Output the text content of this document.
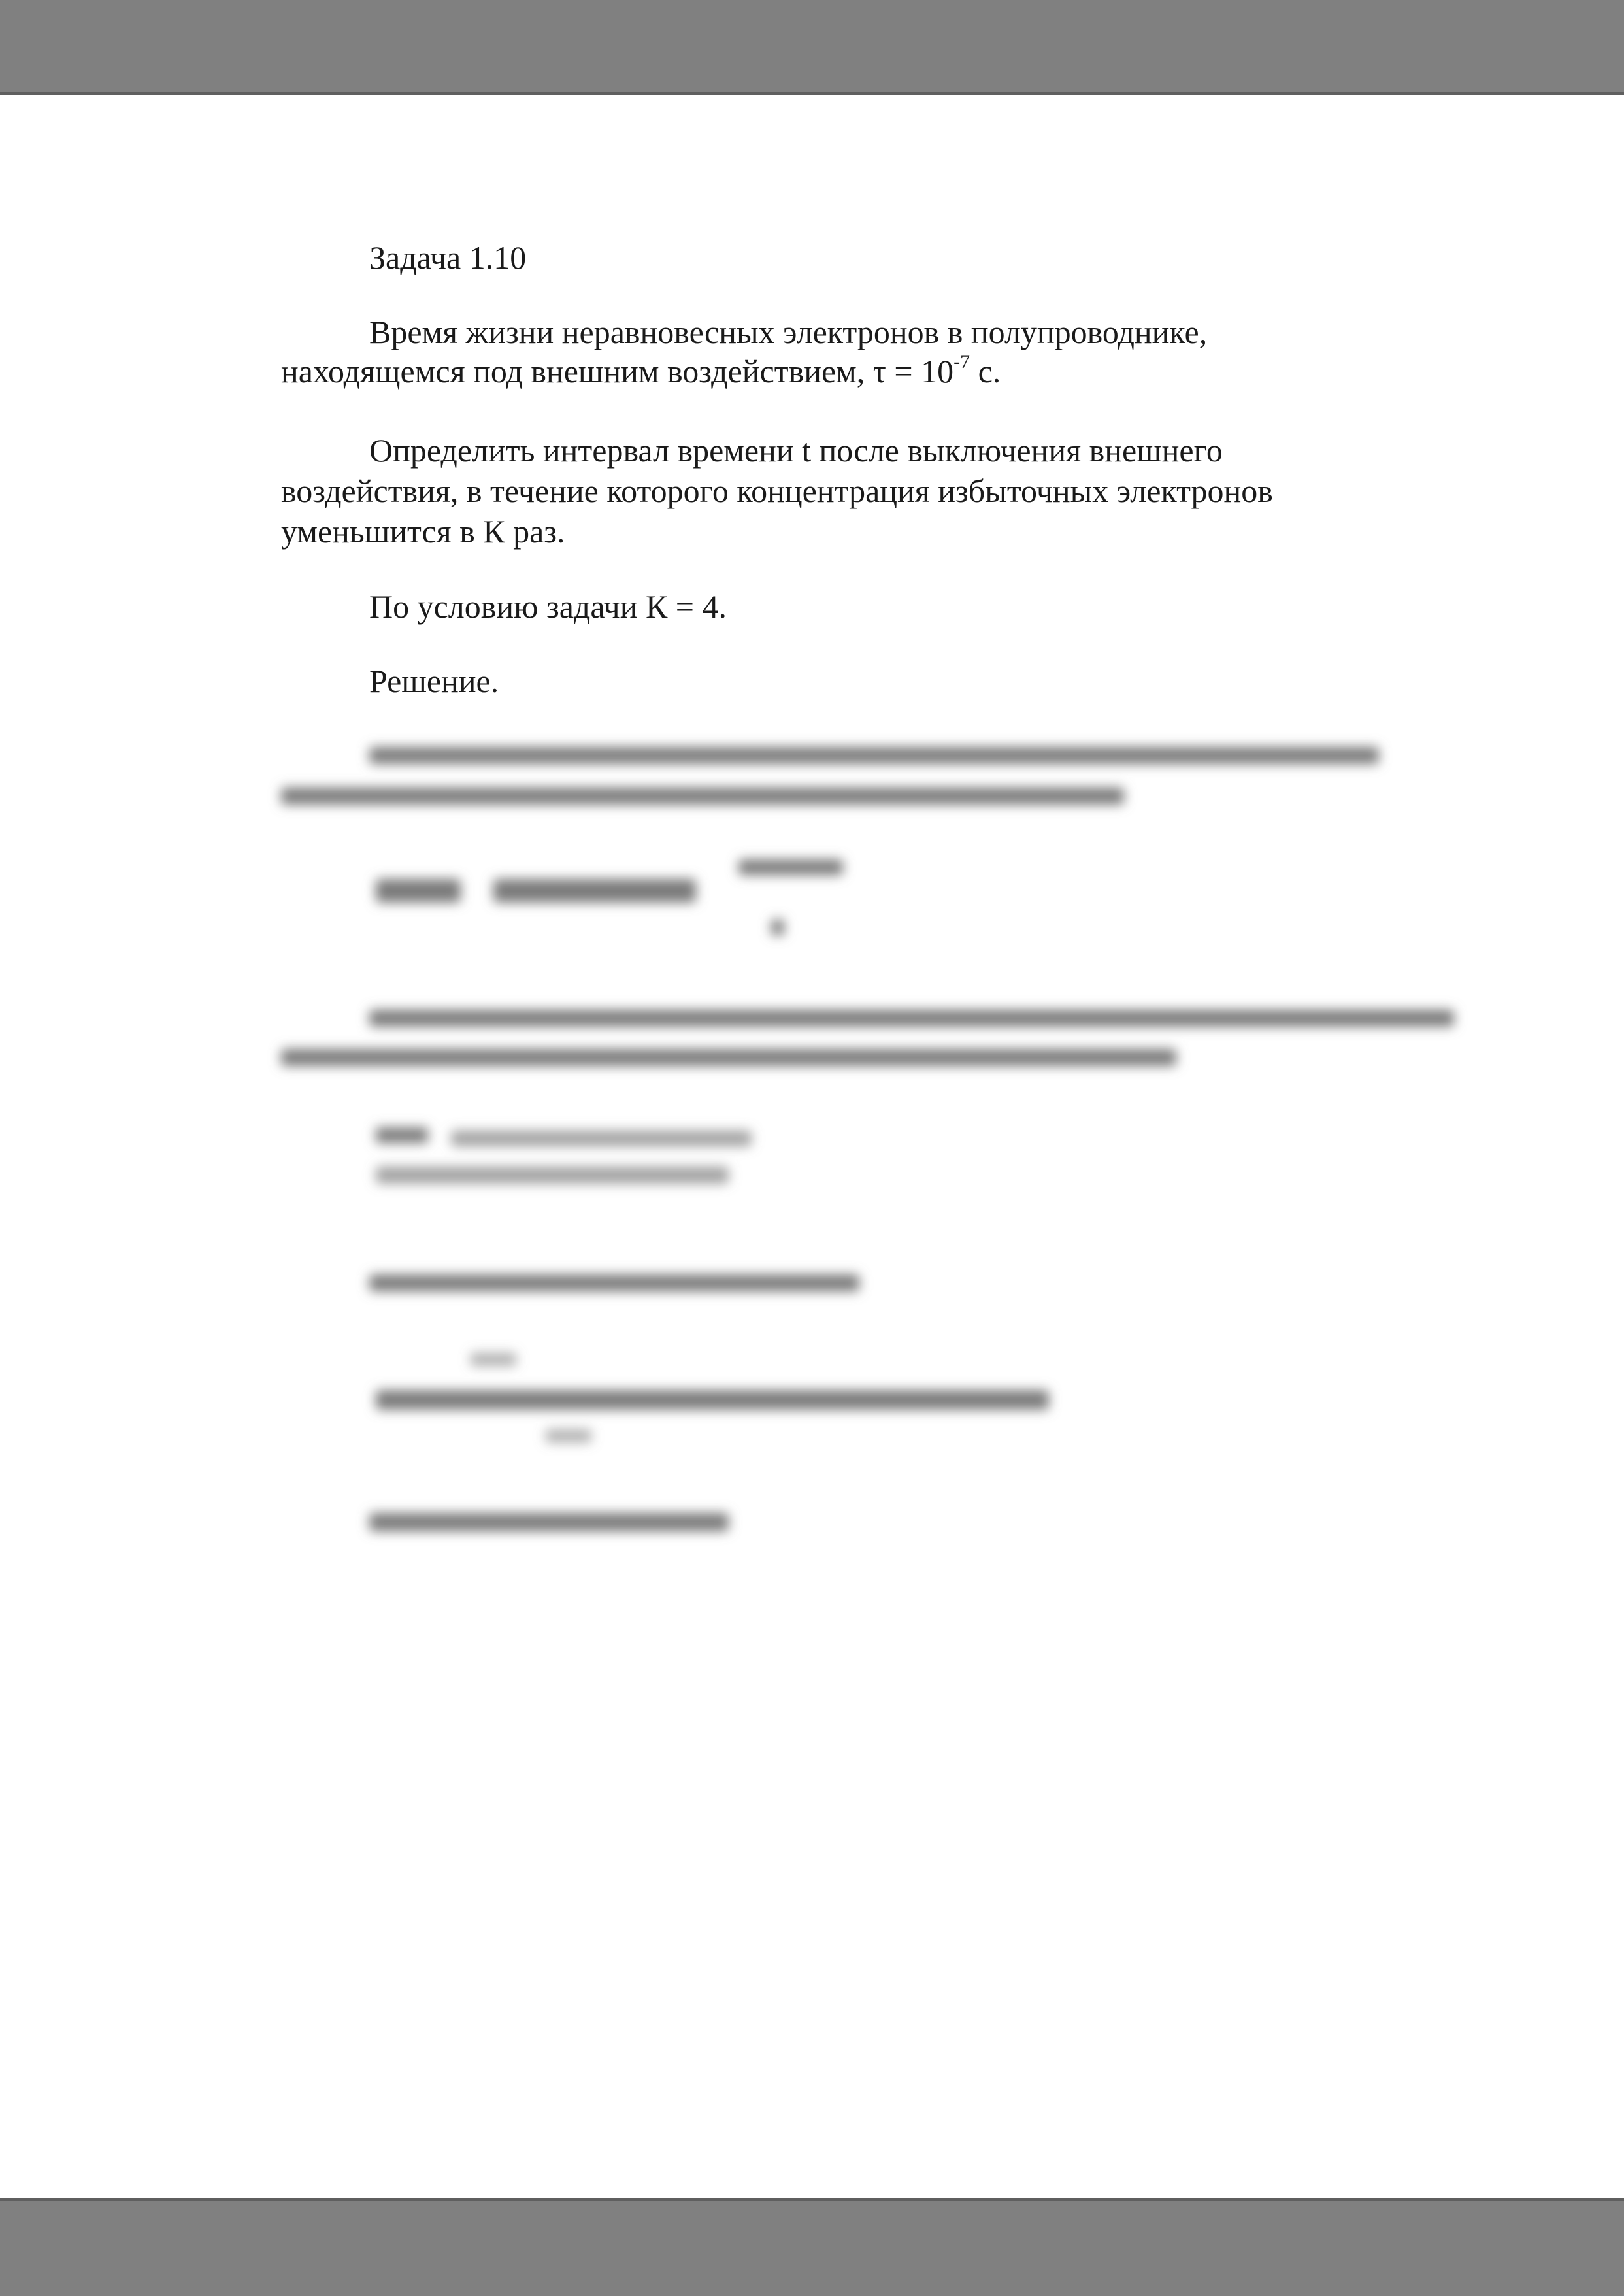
Задача 1.10
Время жизни неравновесных электронов в полупроводнике,
находящемся под внешним воздействием, $\tau = 10^{-7}$ с.
Определить интервал времени t после выключения внешнего
воздействия, в течение которого концентрация избыточных электронов
уменьшится в К раз.
По условию задачи К = 4.
Решение.
